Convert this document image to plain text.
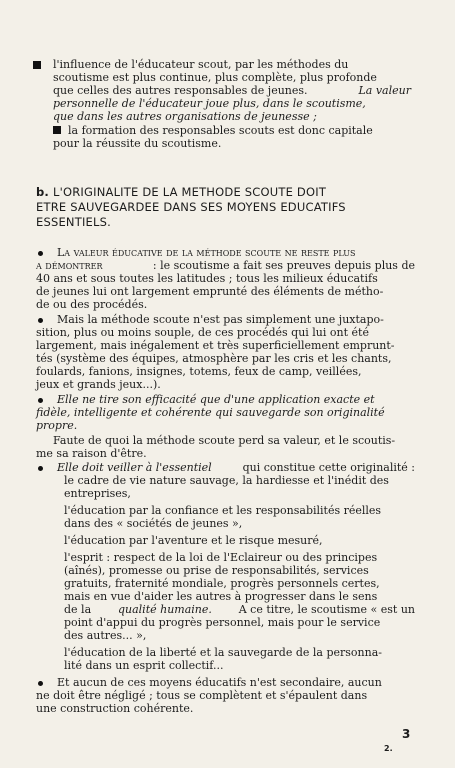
l'influence de l'éducateur scout, par les méthodes du
scoutisme est plus continue, plus complète, plus profonde
que celles des autres responsables de jeunes.	La valeur
personnelle de l'éducateur joue plus, dans le scoutisme,
que dans les autres organisations de jeunesse ;
la formation des responsables scouts est donc capitale
pour la réussite du scoutisme.
b. L'ORIGINALITE DE LA METHODE SCOUTE DOIT
ETRE SAUVEGARDEE DANS SES MOYENS EDUCATIFS
ESSENTIELS.
La valeur éducative de la méthode scoute ne reste plus
a démontrer	: le scoutisme a fait ses preuves depuis plus de
40 ans et sous toutes les latitudes ; tous les milieux éducatifs
de jeunes lui ont largement emprunté des éléments de métho-
de ou des procédés.
Mais la méthode scoute n'est pas simplement une juxtapo-
sition, plus ou moins souple, de ces procédés qui lui ont été
largement, mais inégalement et très superficiellement emprunt-
tés (système des équipes, atmosphère par les cris et les chants,
foulards, fanions, insignes, totems, feux de camp, veillées,
jeux et grands jeux...).
Elle ne tire son efficacité que d'une application exacte et
fidèle, intelligente et cohérente qui sauvegarde son originalité
propre.
Faute de quoi la méthode scoute perd sa valeur, et le scoutis-
me sa raison d'être.
Elle doit veiller à l'essentiel	qui constitue cette originalité :
le cadre de vie nature sauvage, la hardiesse et l'inédit des
entreprises,
l'éducation par la confiance et les responsabilités réelles
dans des « sociétés de jeunes »,
l'éducation par l'aventure et le risque mesuré,
l'esprit : respect de la loi de l'Eclaireur ou des principes
(aînés), promesse ou prise de responsabilités, services
gratuits, fraternité mondiale, progrès personnels certes,
mais en vue d'aider les autres à progresser dans le sens
de la qualité humaine. A ce titre, le scoutisme « est un
point d'appui du progrès personnel, mais pour le service
des autres... »,
l'éducation de la liberté et la sauvegarde de la personna-
lité dans un esprit collectif...
Et aucun de ces moyens éducatifs n'est secondaire, aucun
ne doit être négligé ; tous se complètent et s'épaulent dans
une construction cohérente.
3
2.
